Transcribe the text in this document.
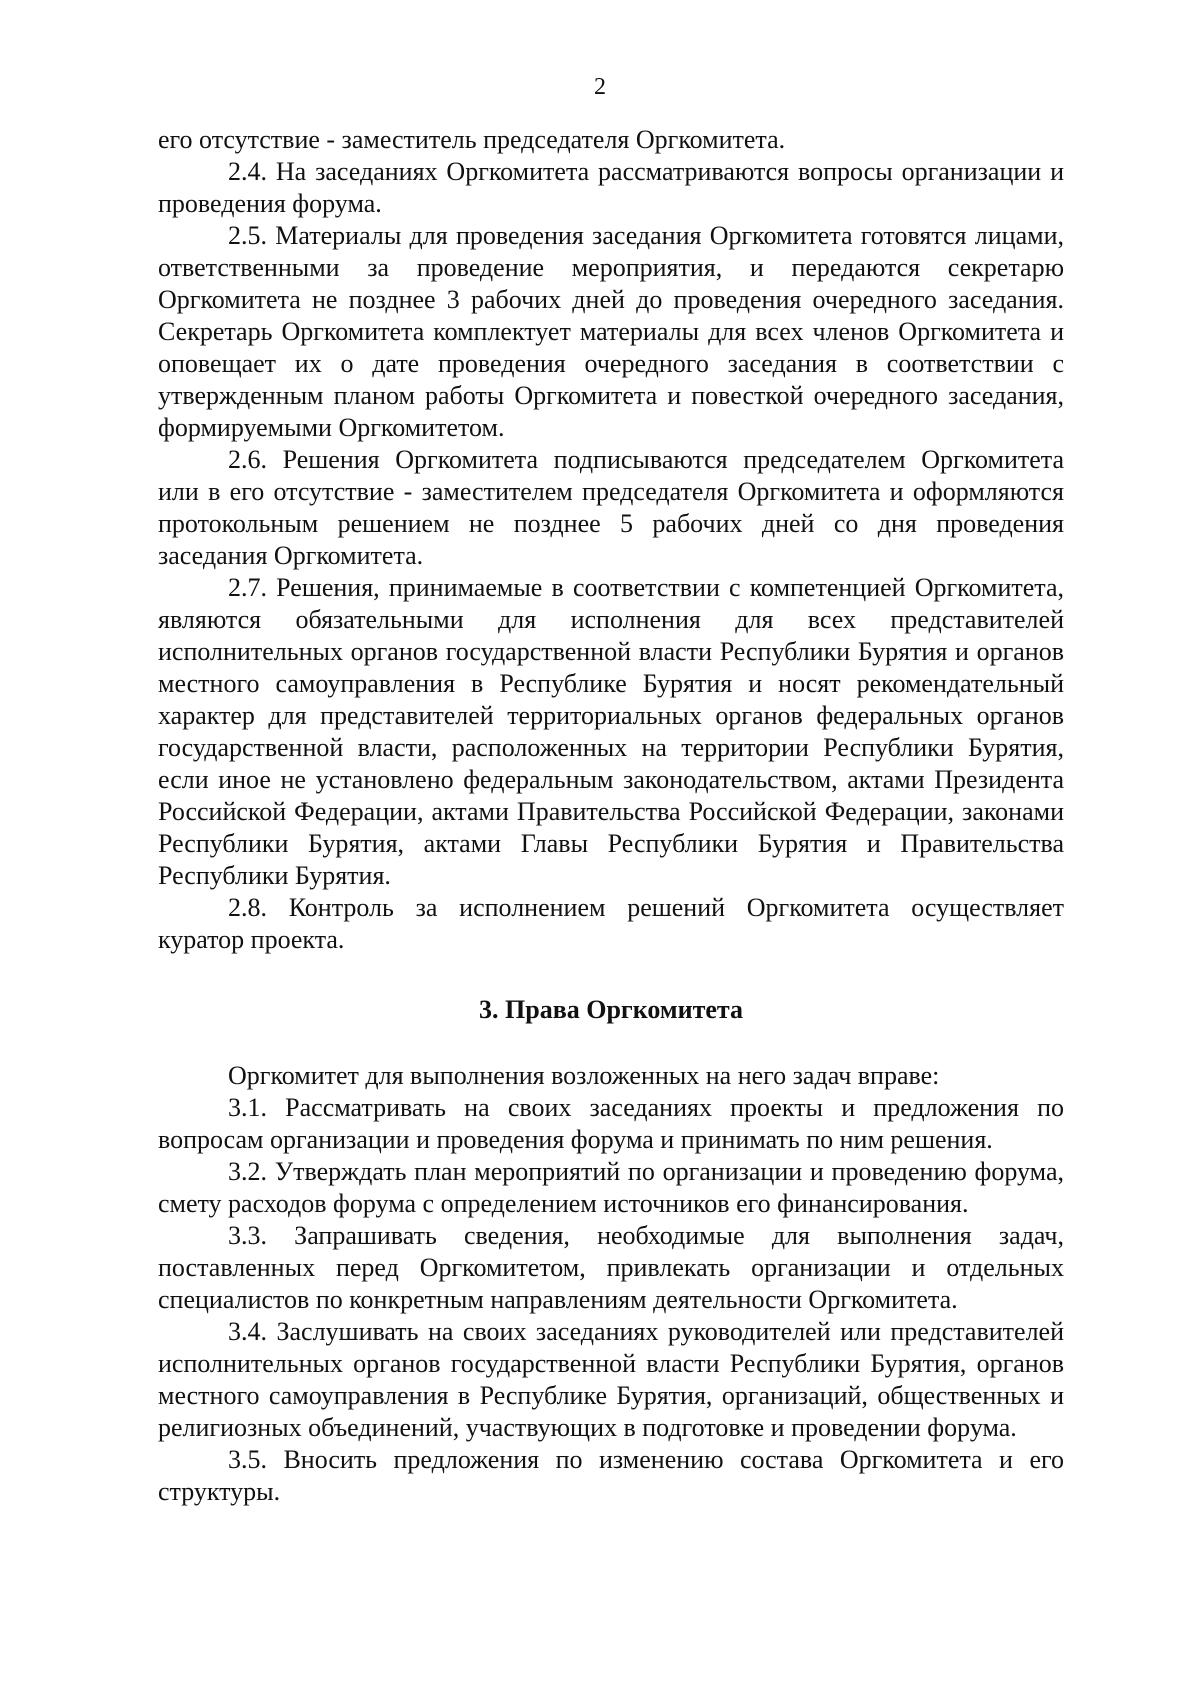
2

его отсутствие - заместитель председателя Оргкомитета.

2.4. На заседаниях Оргкомитета рассматриваются вопросы организации и проведения форума.

2.5. Материалы для проведения заседания Оргкомитета готовятся лицами, ответственными за проведение мероприятия, и передаются секретарю Оргкомитета не позднее 3 рабочих дней до проведения очередного заседания. Секретарь Оргкомитета комплектует материалы для всех членов Оргкомитета и оповещает их о дате проведения очередного заседания в соответствии с утвержденным планом работы Оргкомитета и повесткой очередного заседания, формируемыми Оргкомитетом.

2.6. Решения Оргкомитета подписываются председателем Оргкомитета или в его отсутствие - заместителем председателя Оргкомитета и оформляются протокольным решением не позднее 5 рабочих дней со дня проведения заседания Оргкомитета.

2.7. Решения, принимаемые в соответствии с компетенцией Оргкомитета, являются обязательными для исполнения для всех представителей исполнительных органов государственной власти Республики Бурятия и органов местного самоуправления в Республике Бурятия и носят рекомендательный характер для представителей территориальных органов федеральных органов государственной власти, расположенных на территории Республики Бурятия, если иное не установлено федеральным законодательством, актами Президента Российской Федерации, актами Правительства Российской Федерации, законами Республики Бурятия, актами Главы Республики Бурятия и Правительства Республики Бурятия.

2.8. Контроль за исполнением решений Оргкомитета осуществляет куратор проекта.

3. Права Оргкомитета

Оргкомитет для выполнения возложенных на него задач вправе:

3.1. Рассматривать на своих заседаниях проекты и предложения по вопросам организации и проведения форума и принимать по ним решения.

3.2. Утверждать план мероприятий по организации и проведению форума, смету расходов форума с определением источников его финансирования.

3.3. Запрашивать сведения, необходимые для выполнения задач, поставленных перед Оргкомитетом, привлекать организации и отдельных специалистов по конкретным направлениям деятельности Оргкомитета.

3.4. Заслушивать на своих заседаниях руководителей или представителей исполнительных органов государственной власти Республики Бурятия, органов местного самоуправления в Республике Бурятия, организаций, общественных и религиозных объединений, участвующих в подготовке и проведении форума.

3.5. Вносить предложения по изменению состава Оргкомитета и его структуры.
